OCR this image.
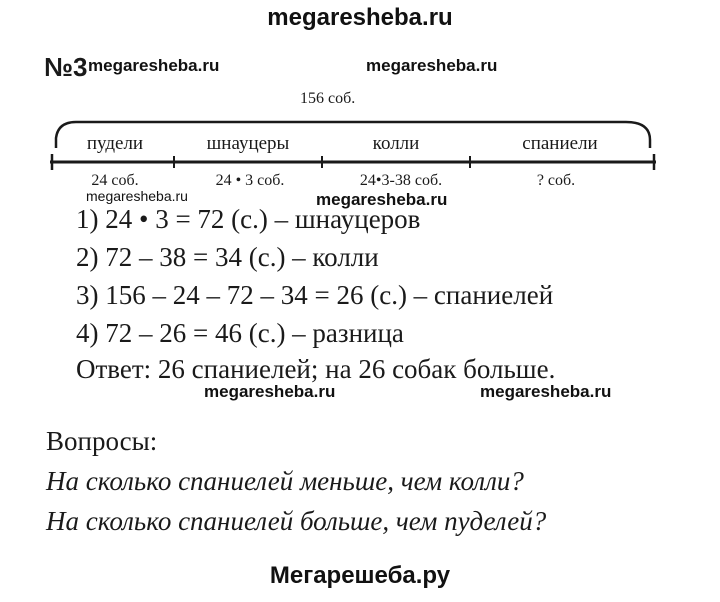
megaresheba.ru
№3 megaresheba.ru	megaresheba.ru
156 соб.
пудели	шнауцеры	колли	спаниели
24 соб.	24 • 3 соб.	24•3-38 соб.	? соб.
megaresheba.ru	megaresheba.ru
1) 24 • 3 = 72 (с.) – шнауцеров
2) 72 – 38 = 34 (с.) – колли
3) 156 – 24 – 72 – 34 = 26 (с.) – спаниелей
4) 72 – 26 = 46 (с.) – разница
Ответ: 26 спаниелей; на 26 собак больше.
megaresheba.ru	megaresheba.ru
Вопросы:
На сколько спаниелей меньше, чем колли?
На сколько спаниелей больше, чем пуделей?
Мегарешеба.ру
